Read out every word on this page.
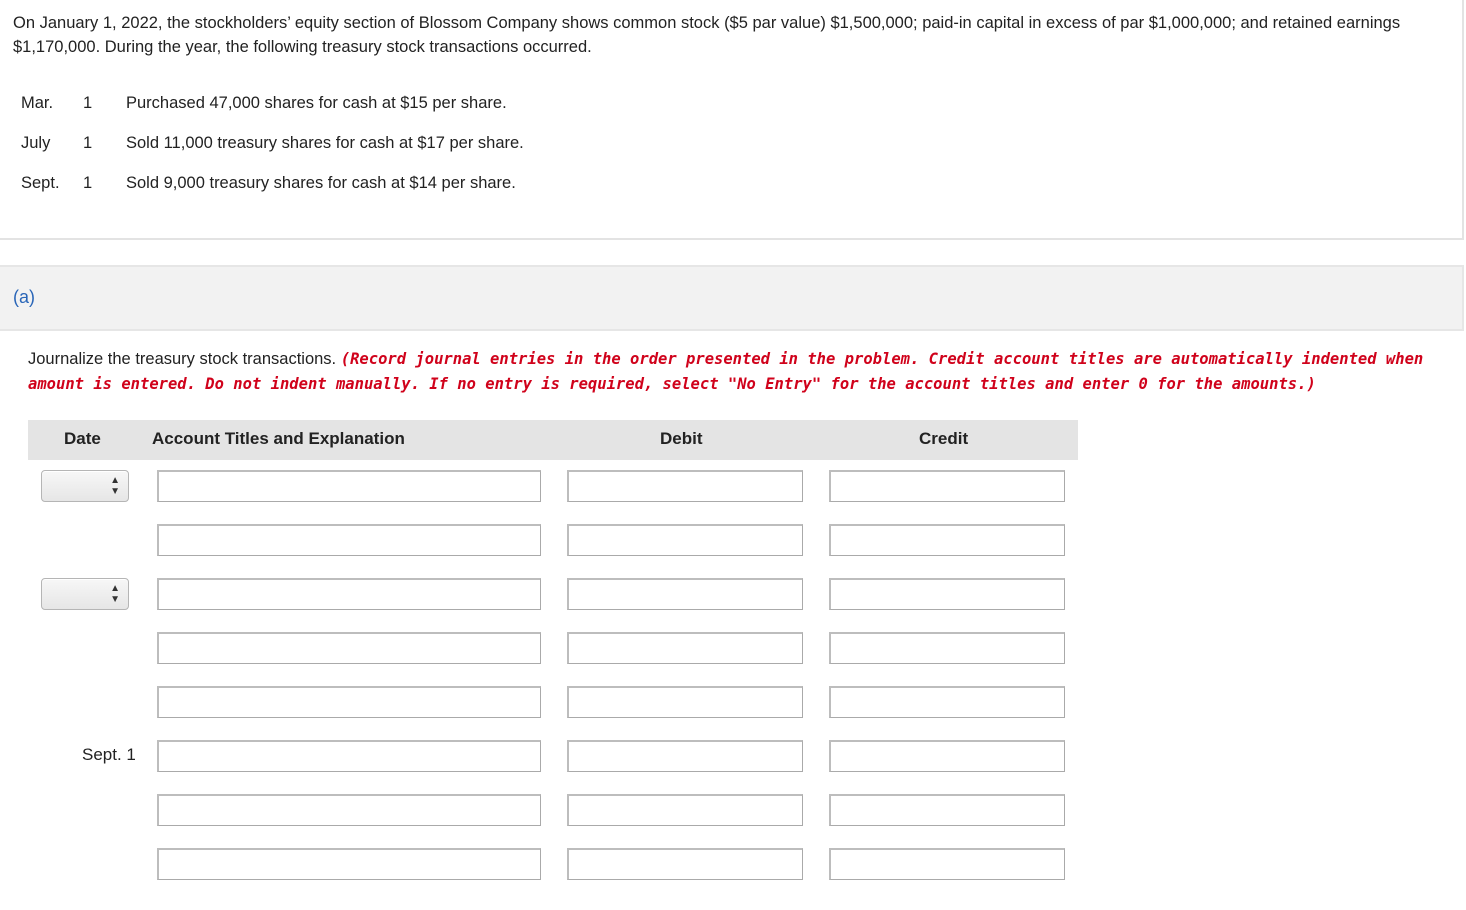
On January 1, 2022, the stockholders’ equity section of Blossom Company shows common stock ($5 par value) $1,500,000; paid-in capital in excess of par $1,000,000; and retained earnings $1,170,000. During the year, the following treasury stock transactions occurred.
Mar. 1 Purchased 47,000 shares for cash at $15 per share.
July 1 Sold 11,000 treasury shares for cash at $17 per share.
Sept. 1 Sold 9,000 treasury shares for cash at $14 per share.
(a)
Journalize the treasury stock transactions. (Record journal entries in the order presented in the problem. Credit account titles are automatically indented when amount is entered. Do not indent manually. If no entry is required, select "No Entry" for the account titles and enter 0 for the amounts.)
Date	Account Titles and Explanation	Debit	Credit
▲
▼
▲
▼
Sept. 1
